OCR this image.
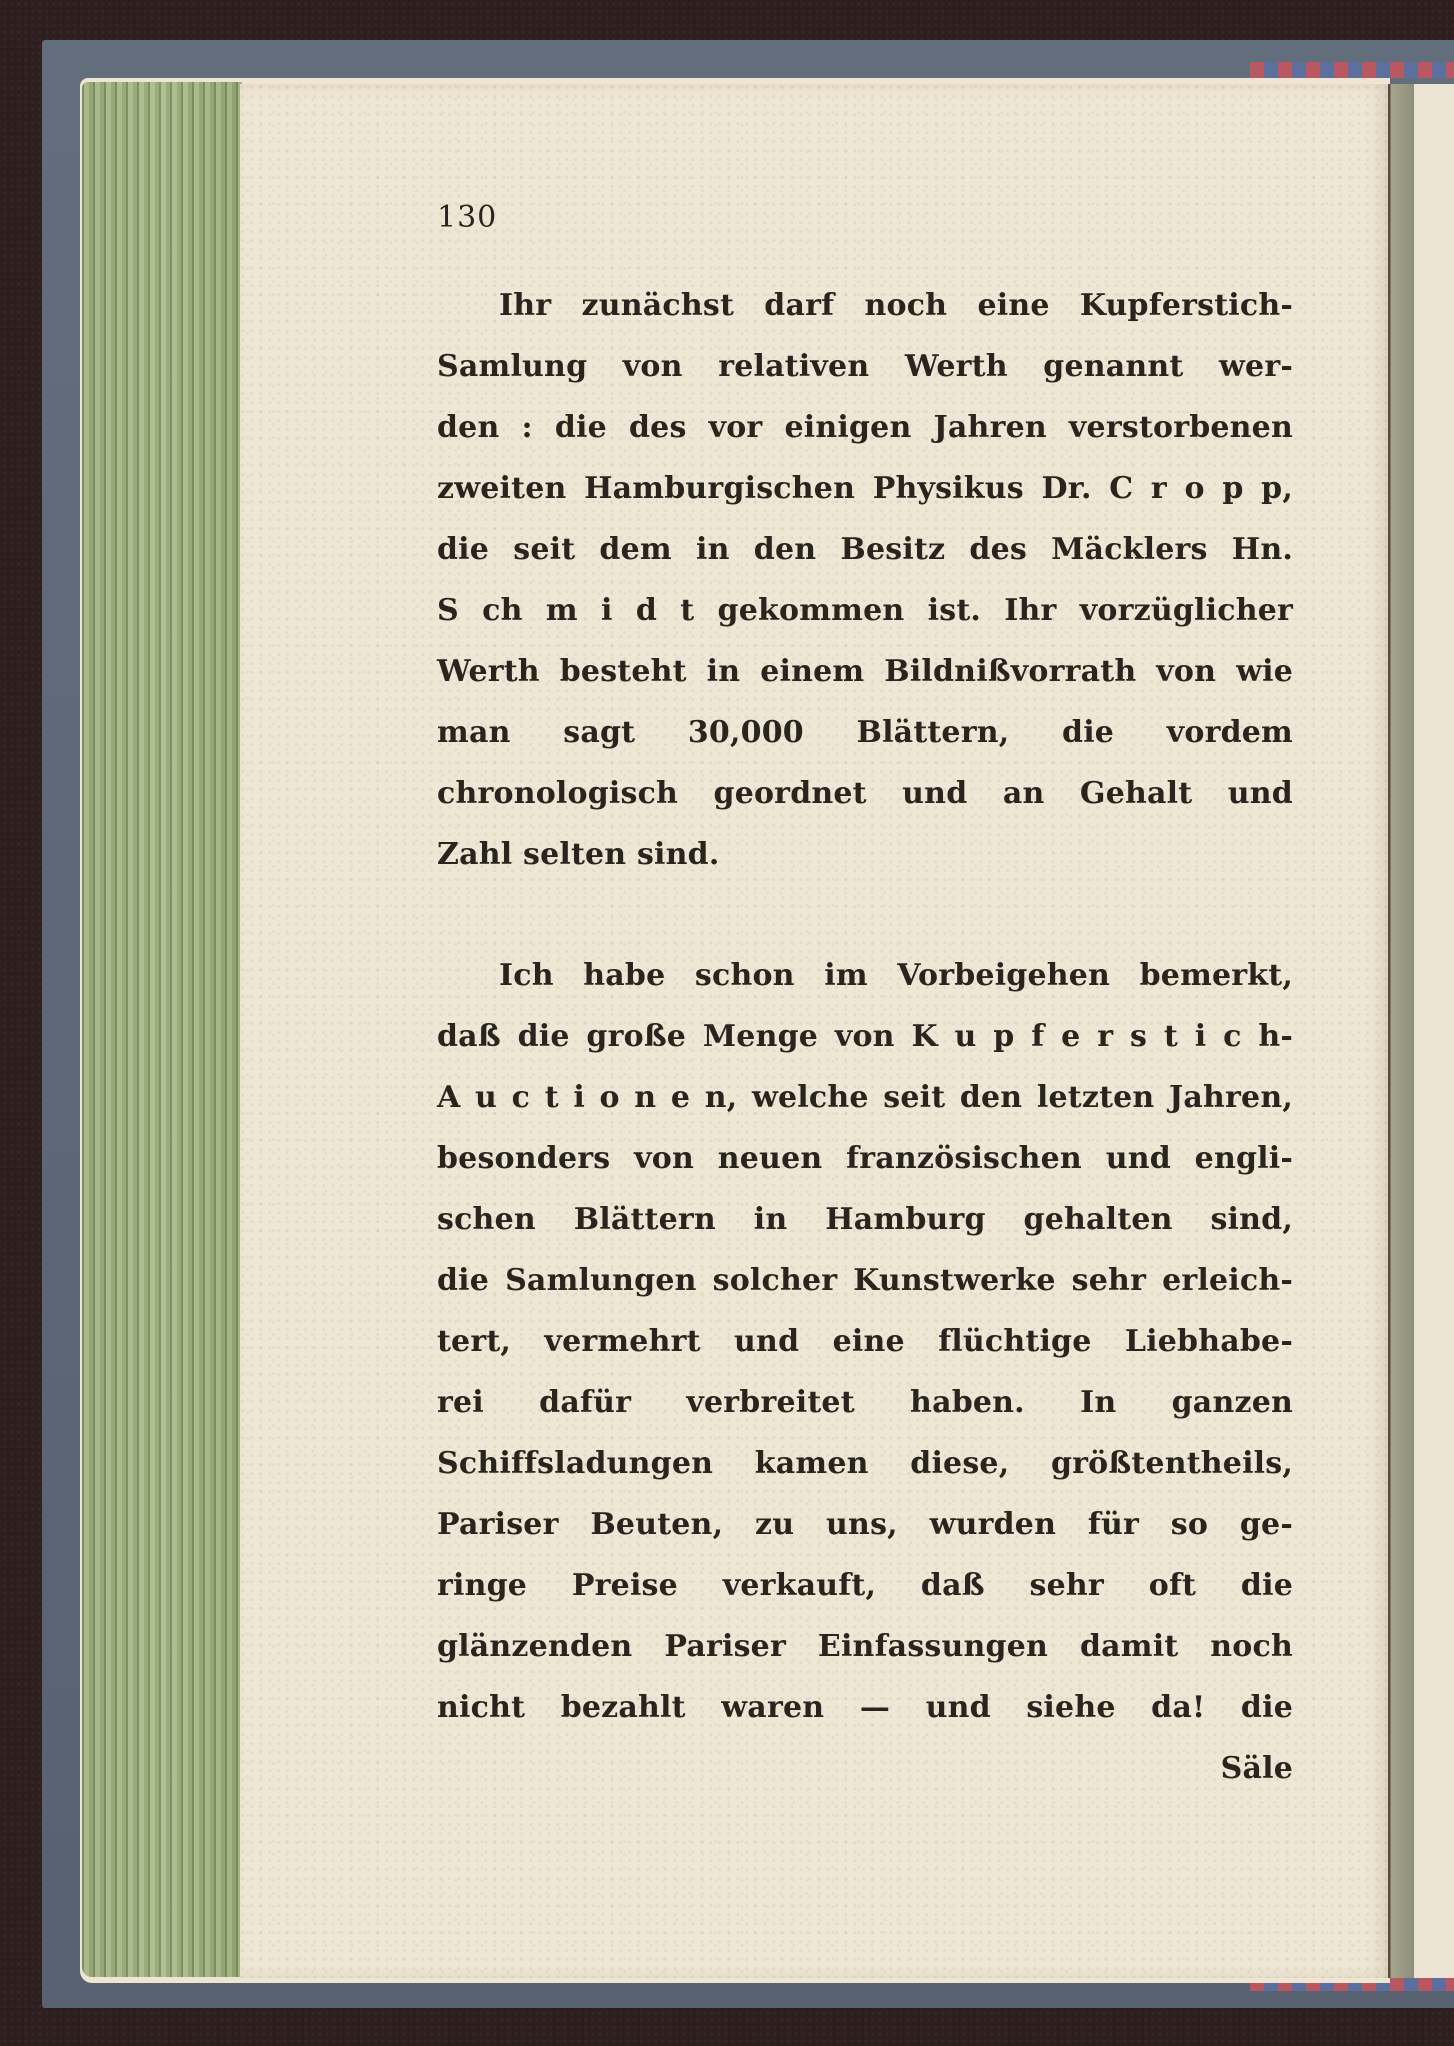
130
Ihr zunächst darf noch eine Kupferstich-
Samlung von relativen Werth genannt wer-
den : die des vor einigen Jahren verstorbenen
zweiten Hamburgischen Physikus Dr. C r o p p,
die seit dem in den Besitz des Mäcklers Hn.
S ch m i d t gekommen ist. Ihr vorzüglicher
Werth besteht in einem Bildnißvorrath von wie
man sagt 30,000 Blättern, die vordem
chronologisch geordnet und an Gehalt und
Zahl selten sind.
Ich habe schon im Vorbeigehen bemerkt,
daß die große Menge von K u p f e r s t i c h-
A u c t i o n e n, welche seit den letzten Jahren,
besonders von neuen französischen und engli-
schen Blättern in Hamburg gehalten sind,
die Samlungen solcher Kunstwerke sehr erleich-
tert, vermehrt und eine flüchtige Liebhabe-
rei dafür verbreitet haben. In ganzen
Schiffsladungen kamen diese, größtentheils,
Pariser Beuten, zu uns, wurden für so ge-
ringe Preise verkauft, daß sehr oft die
glänzenden Pariser Einfassungen damit noch
nicht bezahlt waren — und siehe da! die
Säle
